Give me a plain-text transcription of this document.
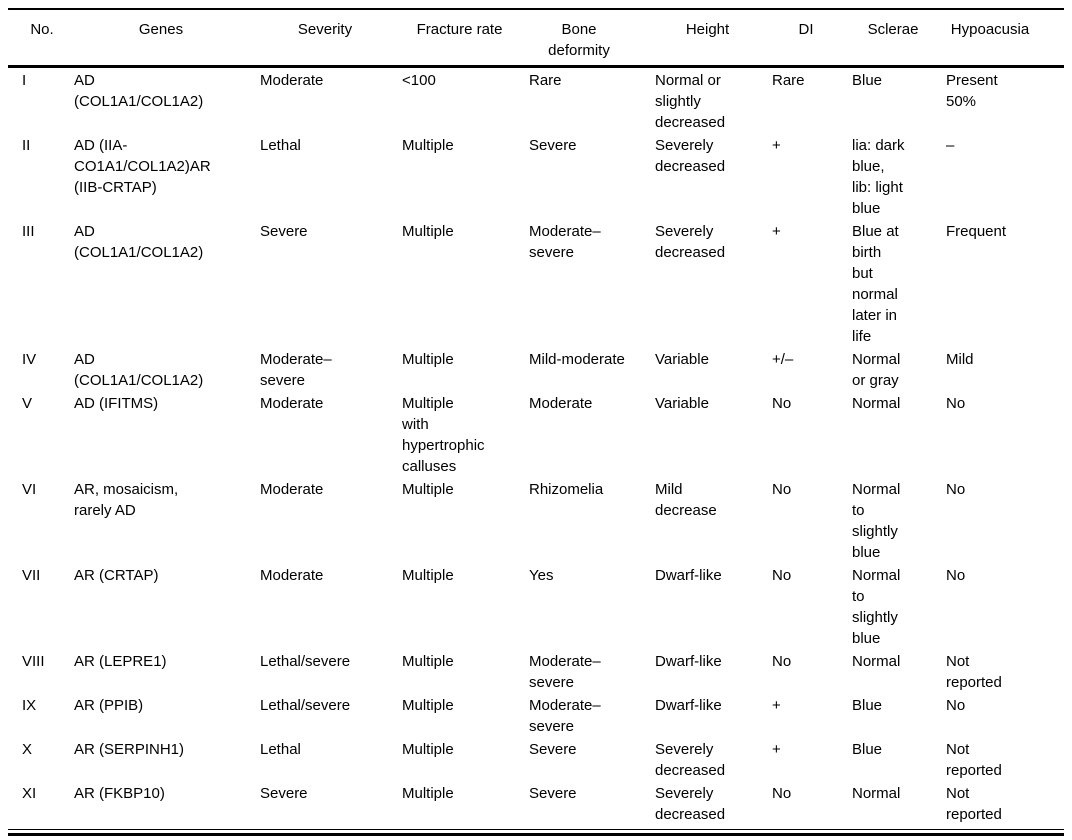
No.	Genes	Severity	Fracture rate	Bone deformity	Height	DI	Sclerae	Hypoacusia
I	AD (COL1A1/COL1A2)	Moderate	<100	Rare	Normal or slightly decreased	Rare	Blue	Present 50%
II	AD (IIA-CO1A1/COL1A2)AR (IIB-CRTAP)	Lethal	Multiple	Severe	Severely decreased	+	lia: dark blue, lib: light blue	–
III	AD (COL1A1/COL1A2)	Severe	Multiple	Moderate–severe	Severely decreased	+	Blue at birth but normal later in life	Frequent
IV	AD (COL1A1/COL1A2)	Moderate–severe	Multiple	Mild-moderate	Variable	+/–	Normal or gray	Mild
V	AD (IFITMS)	Moderate	Multiple with hypertrophic calluses	Moderate	Variable	No	Normal	No
VI	AR, mosaicism, rarely AD	Moderate	Multiple	Rhizomelia	Mild decrease	No	Normal to slightly blue	No
VII	AR (CRTAP)	Moderate	Multiple	Yes	Dwarf-like	No	Normal to slightly blue	No
VIII	AR (LEPRE1)	Lethal/severe	Multiple	Moderate–severe	Dwarf-like	No	Normal	Not reported
IX	AR (PPIB)	Lethal/severe	Multiple	Moderate–severe	Dwarf-like	+	Blue	No
X	AR (SERPINH1)	Lethal	Multiple	Severe	Severely decreased	+	Blue	Not reported
XI	AR (FKBP10)	Severe	Multiple	Severe	Severely decreased	No	Normal	Not reported
